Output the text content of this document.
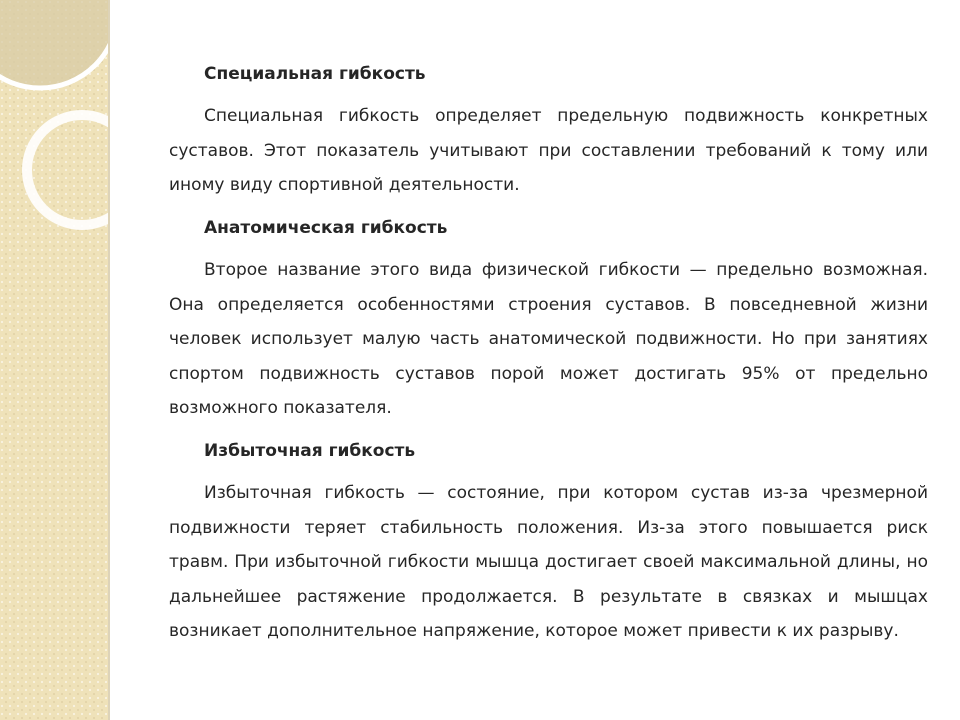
Специальная гибкость

Специальная гибкость определяет предельную подвижность конкретных суставов. Этот показатель учитывают при составлении требований к тому или иному виду спортивной деятельности.

Анатомическая гибкость

Второе название этого вида физической гибкости — предельно возможная. Она определяется особенностями строения суставов. В повседневной жизни человек использует малую часть анатомической подвижности. Но при занятиях спортом подвижность суставов порой может достигать 95% от предельно возможного показателя.

Избыточная гибкость

Избыточная гибкость — состояние, при котором сустав из-за чрезмерной подвижности теряет стабильность положения. Из-за этого повышается риск травм. При избыточной гибкости мышца достигает своей максимальной длины, но дальнейшее растяжение продолжается. В результате в связках и мышцах возникает дополнительное напряжение, которое может привести к их разрыву.
